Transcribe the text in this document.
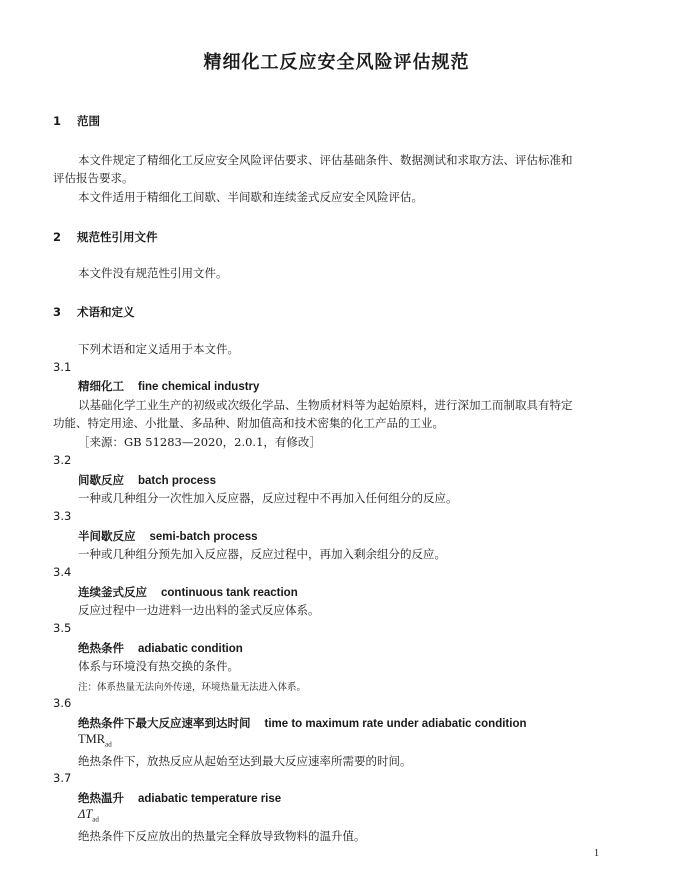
精细化工反应安全风险评估规范
1 范围
本文件规定了精细化工反应安全风险评估要求、评估基础条件、数据测试和求取方法、评估标准和
评估报告要求。
本文件适用于精细化工间歇、半间歇和连续釜式反应安全风险评估。
2 规范性引用文件
本文件没有规范性引用文件。
3 术语和定义
下列术语和定义适用于本文件。
3.1
精细化工 fine chemical industry
以基础化学工业生产的初级或次级化学品、生物质材料等为起始原料，进行深加工而制取具有特定
功能、特定用途、小批量、多品种、附加值高和技术密集的化工产品的工业。
［来源：GB 51283—2020，2.0.1，有修改］
3.2
间歇反应 batch process
一种或几种组分一次性加入反应器，反应过程中不再加入任何组分的反应。
3.3
半间歇反应 semi-batch process
一种或几种组分预先加入反应器，反应过程中，再加入剩余组分的反应。
3.4
连续釜式反应 continuous tank reaction
反应过程中一边进料一边出料的釜式反应体系。
3.5
绝热条件 adiabatic condition
体系与环境没有热交换的条件。
注：体系热量无法向外传递，环境热量无法进入体系。
3.6
绝热条件下最大反应速率到达时间 time to maximum rate under adiabatic condition
$TMR_{ad}$
绝热条件下，放热反应从起始至达到最大反应速率所需要的时间。
3.7
绝热温升 adiabatic temperature rise
$\Delta T_{ad}$
绝热条件下反应放出的热量完全释放导致物料的温升值。
1
